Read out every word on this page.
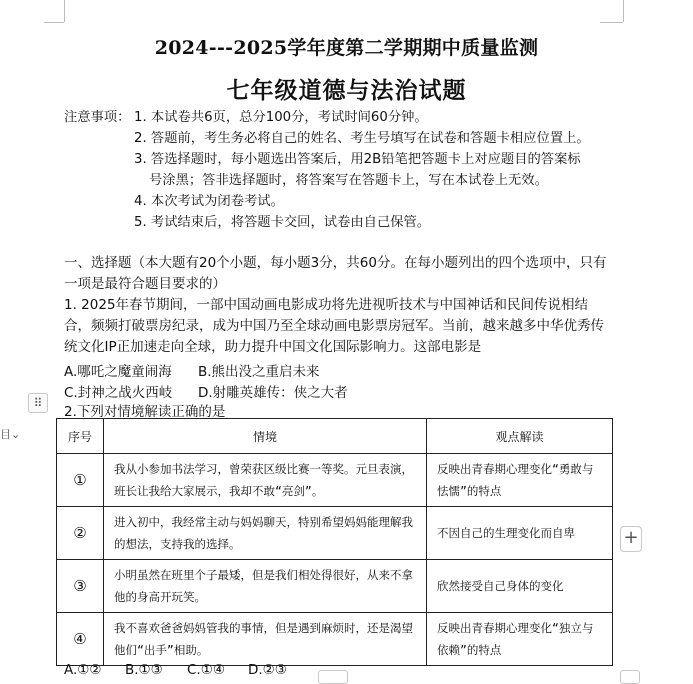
2024---2025学年度第二学期期中质量监测
七年级道德与法治试题
注意事项： 1. 本试卷共6页，总分100分，考试时间60分钟。
2. 答题前，考生务必将自己的姓名、考生号填写在试卷和答题卡相应位置上。
3. 答选择题时，每小题选出答案后，用2B铅笔把答题卡上对应题目的答案标
号涂黑；答非选择题时，将答案写在答题卡上，写在本试卷上无效。
4. 本次考试为闭卷考试。
5. 考试结束后，将答题卡交回，试卷由自己保管。
一、选择题（本大题有20个小题，每小题3分，共60分。在每小题列出的四个选项中，只有一项是最符合题目要求的）
1. 2025年春节期间，一部中国动画电影成功将先进视听技术与中国神话和民间传说相结合，频频打破票房纪录，成为中国乃至全球动画电影票房冠军。当前，越来越多中华优秀传统文化IP正加速走向全球，助力提升中国文化国际影响力。这部电影是
A.哪吒之魔童闹海 B.熊出没之重启未来
C.封神之战火西岐 D.射雕英雄传：侠之大者
⠿
2.下列对情境解读正确的是
目⌄	序号	情境	观点解读
①	我从小参加书法学习，曾荣获区级比赛一等奖。元旦表演，班长让我给大家展示，我却不敢“亮剑”。	反映出青春期心理变化“勇敢与怯懦”的特点
②	进入初中，我经常主动与妈妈聊天，特别希望妈妈能理解我的想法，支持我的选择。	不因自己的生理变化而自卑
③	小明虽然在班里个子最矮，但是我们相处得很好，从来不拿他的身高开玩笑。	欣然接受自己身体的变化
④	我不喜欢爸爸妈妈管我的事情，但是遇到麻烦时，还是渴望他们“出手”相助。	反映出青春期心理变化“独立与依赖”的特点
+
A.①② B.①③ C.①④ D.②③
